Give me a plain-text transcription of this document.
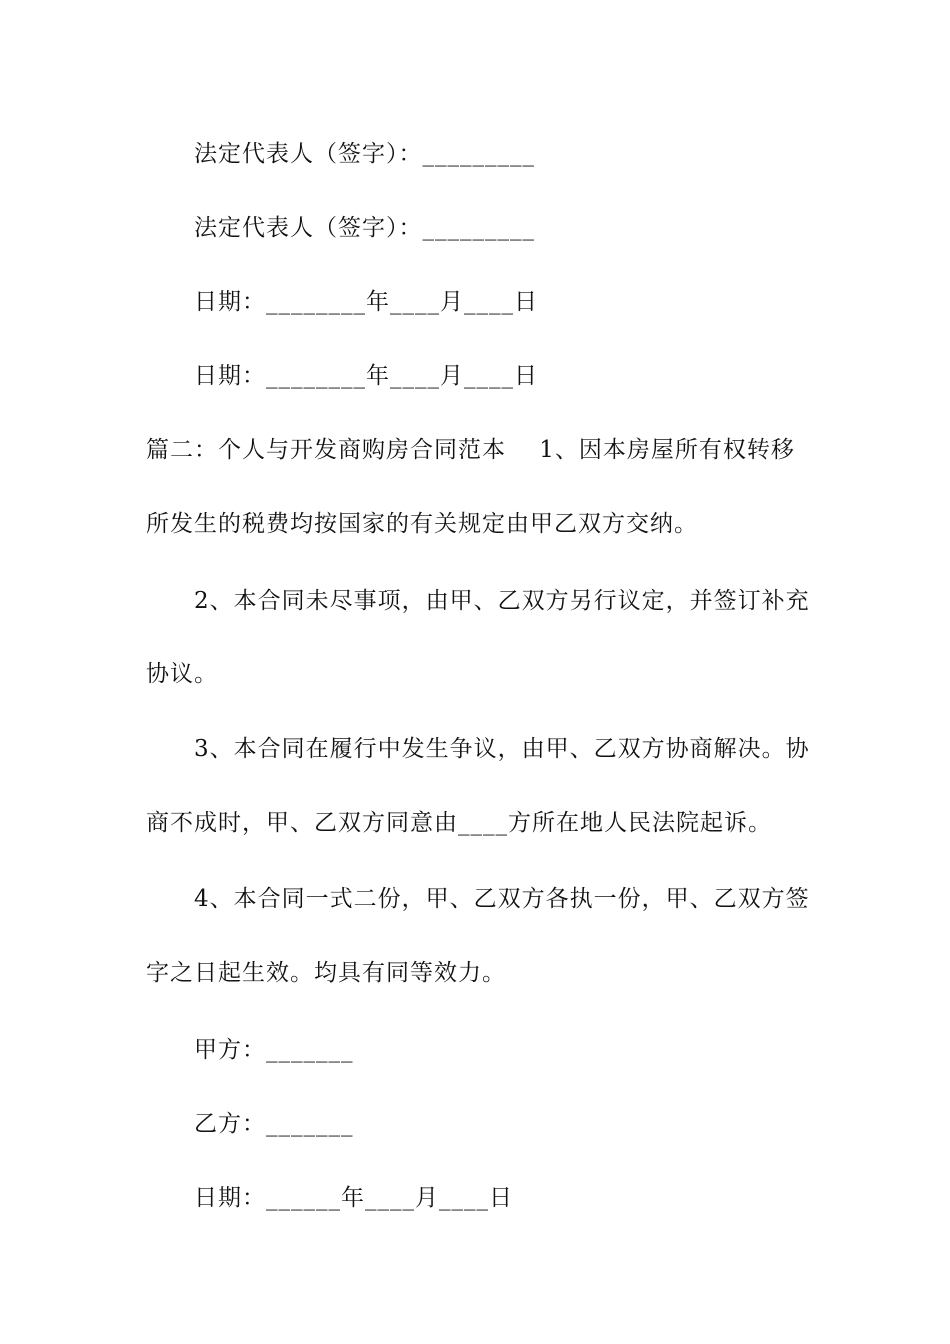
法定代表人（签字）：_________
法定代表人（签字）：_________
日期：________年____月____日
日期：________年____月____日
篇二：个人与开发商购房合同范本    1、因本房屋所有权转移
所发生的税费均按国家的有关规定由甲乙双方交纳。
2、本合同未尽事项，由甲、乙双方另行议定，并签订补充
协议。
3、本合同在履行中发生争议，由甲、乙双方协商解决。协
商不成时，甲、乙双方同意由____方所在地人民法院起诉。
4、本合同一式二份，甲、乙双方各执一份，甲、乙双方签
字之日起生效。均具有同等效力。
甲方：_______
乙方：_______
日期：______年____月____日
